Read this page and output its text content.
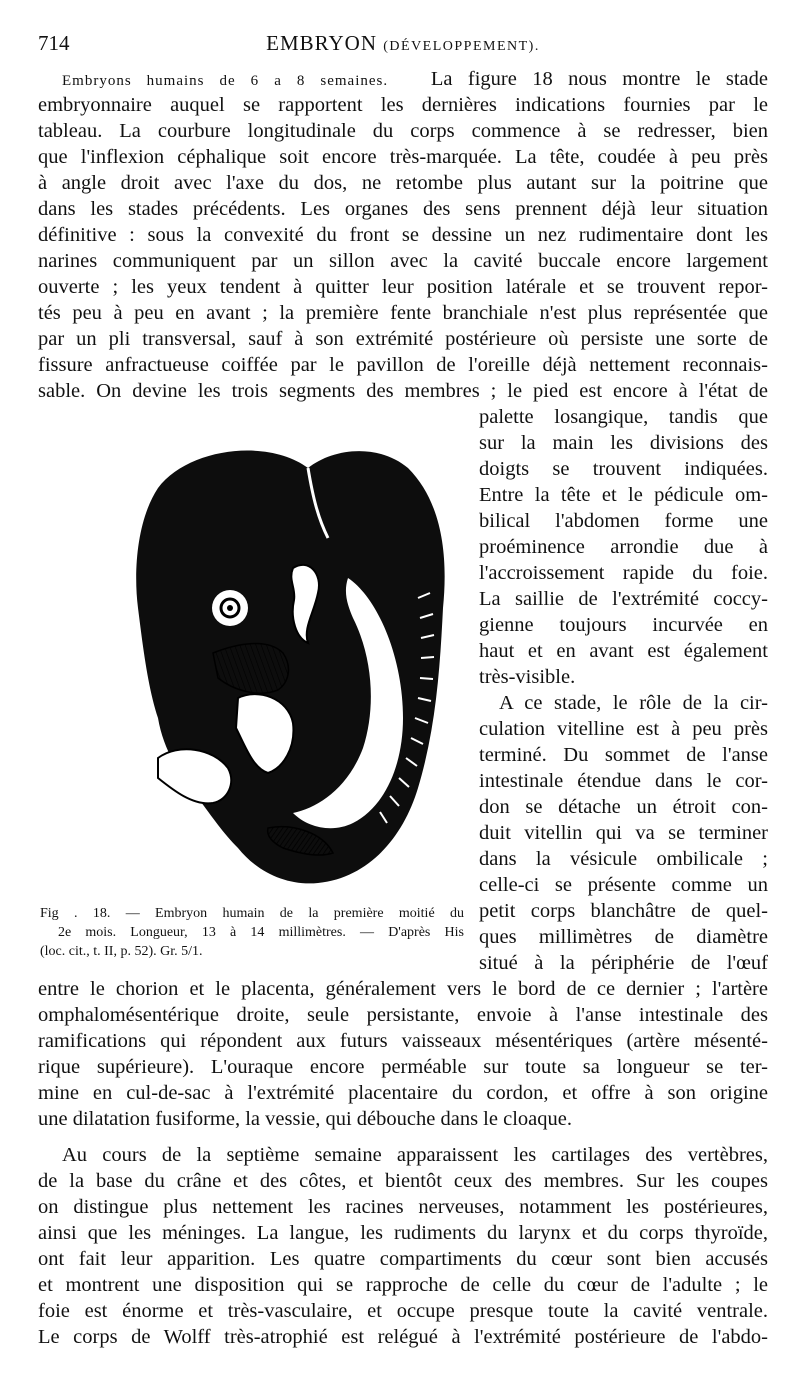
714	EMBRYON (DÉVELOPPEMENT).
Embryons humains de 6 a 8 semaines. La figure 18 nous montre le stade
embryonnaire auquel se rapportent les dernières indications fournies par le
tableau. La courbure longitudinale du corps commence à se redresser, bien
que l'inflexion céphalique soit encore très-marquée. La tête, coudée à peu près
à angle droit avec l'axe du dos, ne retombe plus autant sur la poitrine que
dans les stades précédents. Les organes des sens prennent déjà leur situation
définitive : sous la convexité du front se dessine un nez rudimentaire dont les
narines communiquent par un sillon avec la cavité buccale encore largement
ouverte ; les yeux tendent à quitter leur position latérale et se trouvent repor-
tés peu à peu en avant ; la première fente branchiale n'est plus représentée que
par un pli transversal, sauf à son extrémité postérieure où persiste une sorte de
fissure anfractueuse coiffée par le pavillon de l'oreille déjà nettement reconnais-
sable. On devine les trois segments des membres ; le pied est encore à l'état de
palette losangique, tandis que
sur la main les divisions des
doigts se trouvent indiquées.
Entre la tête et le pédicule om-
bilical l'abdomen forme une
proéminence arrondie due à
l'accroissement rapide du foie.
La saillie de l'extrémité coccy-
gienne toujours incurvée en
haut et en avant est également
très-visible.
A ce stade, le rôle de la cir-
culation vitelline est à peu près
terminé. Du sommet de l'anse
intestinale étendue dans le cor-
don se détache un étroit con-
duit vitellin qui va se terminer
dans la vésicule ombilicale ;
celle-ci se présente comme un
petit corps blanchâtre de quel-
ques millimètres de diamètre
situé à la périphérie de l'œuf
Fig . 18. — Embryon humain de la première moitié du
2e mois. Longueur, 13 à 14 millimètres. — D'après His
(loc. cit., t. II, p. 52). Gr. 5/1.
entre le chorion et le placenta, généralement vers le bord de ce dernier ; l'artère
omphalomésentérique droite, seule persistante, envoie à l'anse intestinale des
ramifications qui répondent aux futurs vaisseaux mésentériques (artère mésenté-
rique supérieure). L'ouraque encore perméable sur toute sa longueur se ter-
mine en cul-de-sac à l'extrémité placentaire du cordon, et offre à son origine
une dilatation fusiforme, la vessie, qui débouche dans le cloaque.
Au cours de la septième semaine apparaissent les cartilages des vertèbres,
de la base du crâne et des côtes, et bientôt ceux des membres. Sur les coupes
on distingue plus nettement les racines nerveuses, notamment les postérieures,
ainsi que les méninges. La langue, les rudiments du larynx et du corps thyroïde,
ont fait leur apparition. Les quatre compartiments du cœur sont bien accusés
et montrent une disposition qui se rapproche de celle du cœur de l'adulte ; le
foie est énorme et très-vasculaire, et occupe presque toute la cavité ventrale.
Le corps de Wolff très-atrophié est relégué à l'extrémité postérieure de l'abdo-
